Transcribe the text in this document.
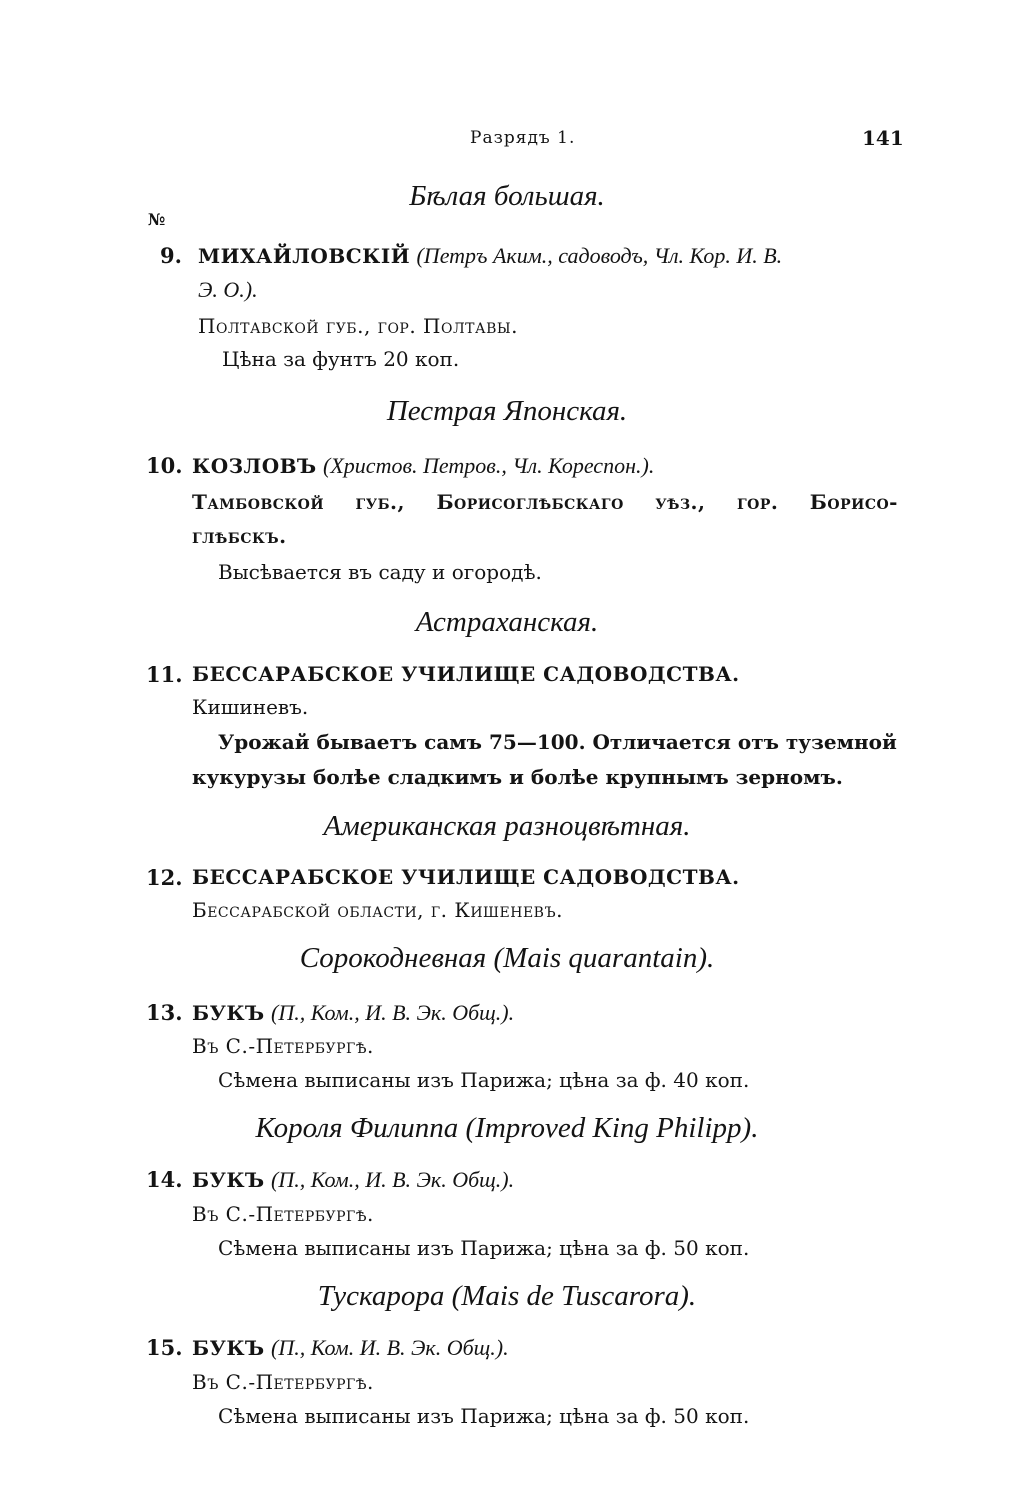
Разрядъ 1.	141
Бѣлая большая.
№
9. МИХАЙЛОВСКІЙ (Петръ Аким., садоводъ, Чл. Кор. И. В.
Э. О.).
Полтавской губ., гор. Полтавы.
Цѣна за фунтъ 20 коп.
Пестрая Японская.
10. КОЗЛОВЪ (Христов. Петров., Чл. Кореспон.).
Тамбовской губ., Борисоглѣбскаго уѣз., гор. Борисо-
глѣбскъ.
Высѣвается въ саду и огородѣ.
Астраханская.
11. БЕССАРАБСКОЕ УЧИЛИЩЕ САДОВОДСТВА.
Кишиневъ.
Урожай бываетъ самъ 75—100. Отличается отъ туземной
кукурузы болѣе сладкимъ и болѣе крупнымъ зерномъ.
Американская разноцвѣтная.
12. БЕССАРАБСКОЕ УЧИЛИЩЕ САДОВОДСТВА.
Бессарабской области, г. Кишеневъ.
Сорокодневная (Mais quarantain).
13. БУКЪ (П., Ком., И. В. Эк. Общ.).
Въ С.-Петербургѣ.
Сѣмена выписаны изъ Парижа; цѣна за ф. 40 коп.
Короля Филиппа (Improved King Philipp).
14. БУКЪ (П., Ком., И. В. Эк. Общ.).
Въ С.-Петербургѣ.
Сѣмена выписаны изъ Парижа; цѣна за ф. 50 коп.
Тускарора (Mais de Tuscarora).
15. БУКЪ (П., Ком. И. В. Эк. Общ.).
Въ С.-Петербургѣ.
Сѣмена выписаны изъ Парижа; цѣна за ф. 50 коп.
